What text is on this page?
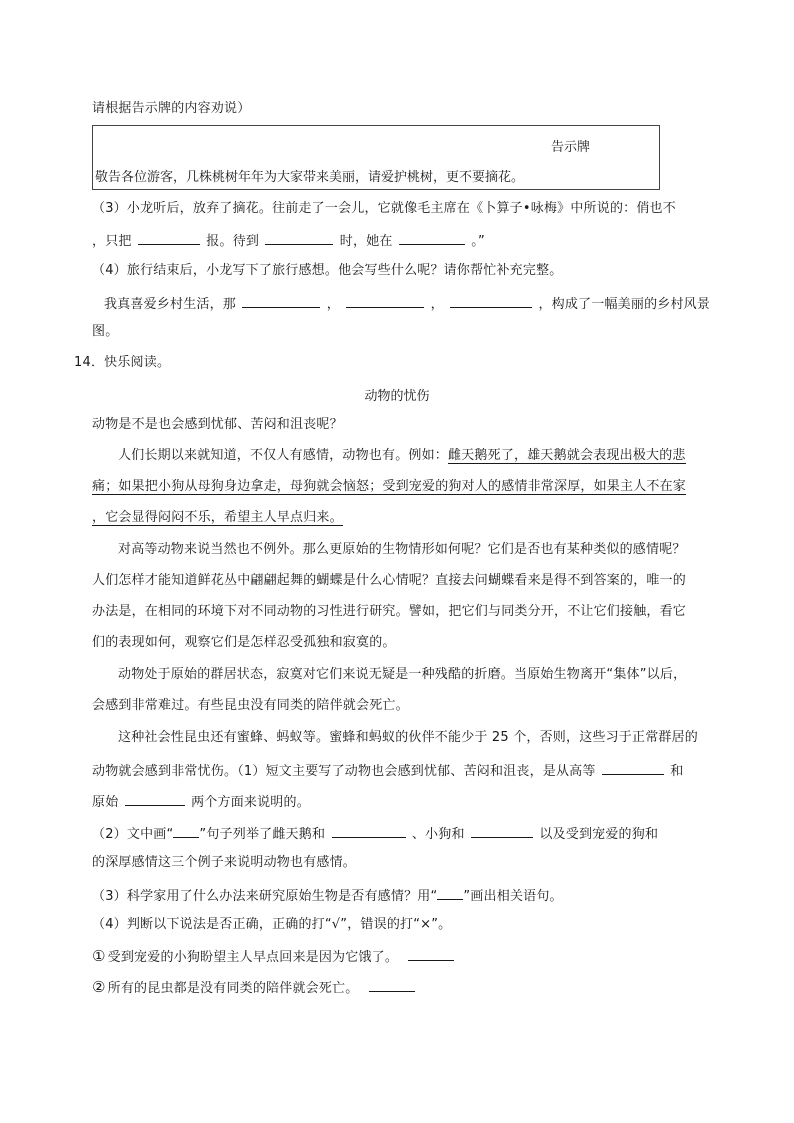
请根据告示牌的内容劝说）
告示牌
敬告各位游客，几株桃树年年为大家带来美丽，请爱护桃树，更不要摘花。
（3）小龙听后，放弃了摘花。往前走了一会儿，它就像毛主席在《卜算子•咏梅》中所说的：俏也不
，只把	报。待到	时，她在	。”
（4）旅行结束后，小龙写下了旅行感想。他会写些什么呢？请你帮忙补充完整。
我真喜爱乡村生活，那	，	，	，构成了一幅美丽的乡村风景
图。
14．快乐阅读。
动物的忧伤
动物是不是也会感到忧郁、苦闷和沮丧呢？
人们长期以来就知道，不仅人有感情，动物也有。例如：雌天鹅死了，雄天鹅就会表现出极大的悲
痛；如果把小狗从母狗身边拿走，母狗就会恼怒；受到宠爱的狗对人的感情非常深厚，如果主人不在家
，它会显得闷闷不乐，希望主人早点归来。
对高等动物来说当然也不例外。那么更原始的生物情形如何呢？它们是否也有某种类似的感情呢？
人们怎样才能知道鲜花丛中翩翩起舞的蝴蝶是什么心情呢？直接去问蝴蝶看来是得不到答案的，唯一的
办法是，在相同的环境下对不同动物的习性进行研究。譬如，把它们与同类分开，不让它们接触，看它
们的表现如何，观察它们是怎样忍受孤独和寂寞的。
动物处于原始的群居状态，寂寞对它们来说无疑是一种残酷的折磨。当原始生物离开“集体”以后，
会感到非常难过。有些昆虫没有同类的陪伴就会死亡。
这种社会性昆虫还有蜜蜂、蚂蚁等。蜜蜂和蚂蚁的伙伴不能少于 25 个，否则，这些习于正常群居的
动物就会感到非常忧伤。（1）短文主要写了动物也会感到忧郁、苦闷和沮丧，是从高等	和
原始	两个方面来说明的。
（2）文中画“ ”句子列举了雌天鹅和	、小狗和	以及受到宠爱的狗和
的深厚感情这三个例子来说明动物也有感情。
（3）科学家用了什么办法来研究原始生物是否有感情？用“ ”画出相关语句。
（4）判断以下说法是否正确，正确的打“√”，错误的打“×”。
① 受到宠爱的小狗盼望主人早点回来是因为它饿了。
② 所有的昆虫都是没有同类的陪伴就会死亡。
